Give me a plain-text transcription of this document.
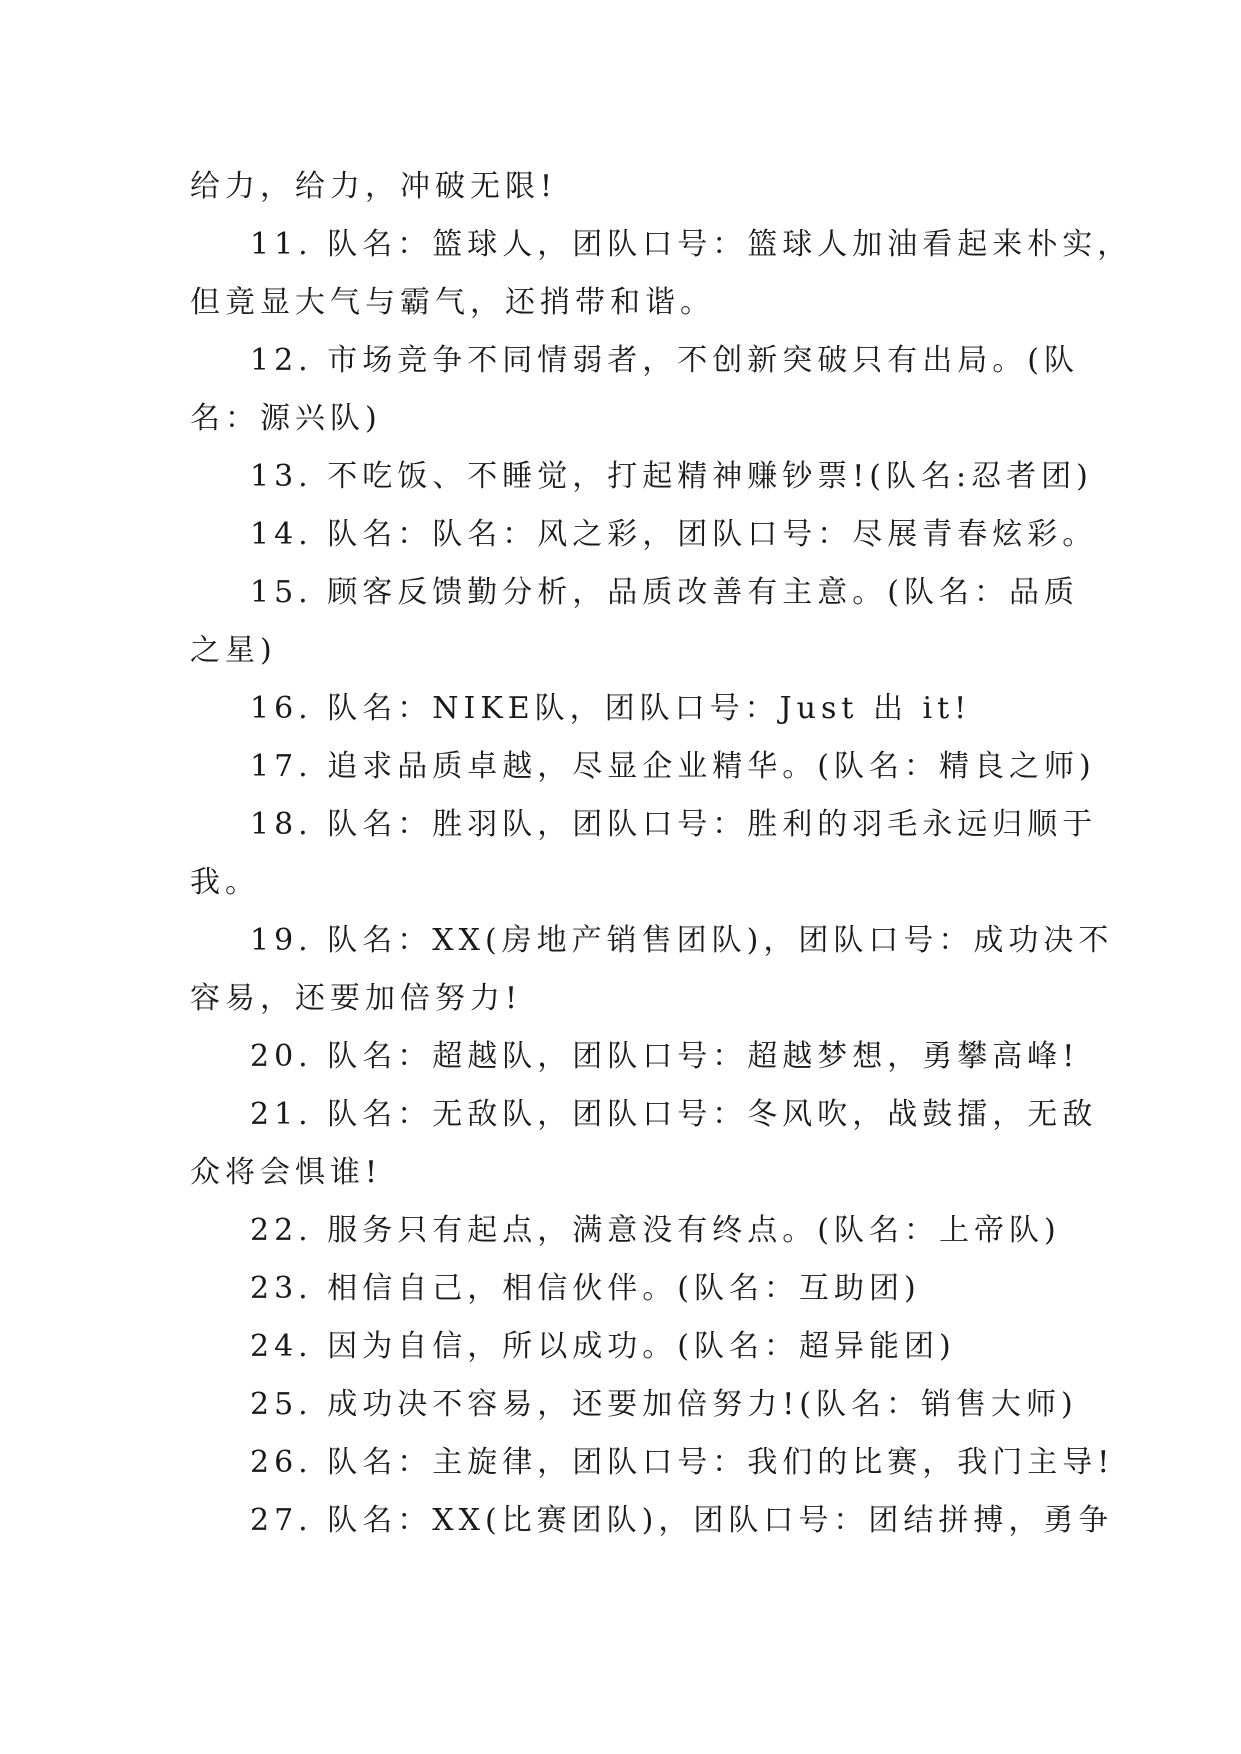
给力，给力，冲破无限!
11. 队名：篮球人，团队口号：篮球人加油看起来朴实，
但竟显大气与霸气，还捎带和谐。
12. 市场竞争不同情弱者，不创新突破只有出局。(队
名：源兴队)
13. 不吃饭、不睡觉，打起精神赚钞票!(队名:忍者团)
14. 队名：队名：风之彩，团队口号：尽展青春炫彩。
15. 顾客反馈勤分析，品质改善有主意。(队名：品质
之星)
16. 队名：NIKE队，团队口号：Just 出 it!
17. 追求品质卓越，尽显企业精华。(队名：精良之师)
18. 队名：胜羽队，团队口号：胜利的羽毛永远归顺于
我。
19. 队名：XX(房地产销售团队)，团队口号：成功决不
容易，还要加倍努力!
20. 队名：超越队，团队口号：超越梦想，勇攀高峰!
21. 队名：无敌队，团队口号：冬风吹，战鼓擂，无敌
众将会惧谁!
22. 服务只有起点，满意没有终点。(队名：上帝队)
23. 相信自己，相信伙伴。(队名：互助团)
24. 因为自信，所以成功。(队名：超异能团)
25. 成功决不容易，还要加倍努力!(队名：销售大师)
26. 队名：主旋律，团队口号：我们的比赛，我门主导!
27. 队名：XX(比赛团队)，团队口号：团结拼搏，勇争
